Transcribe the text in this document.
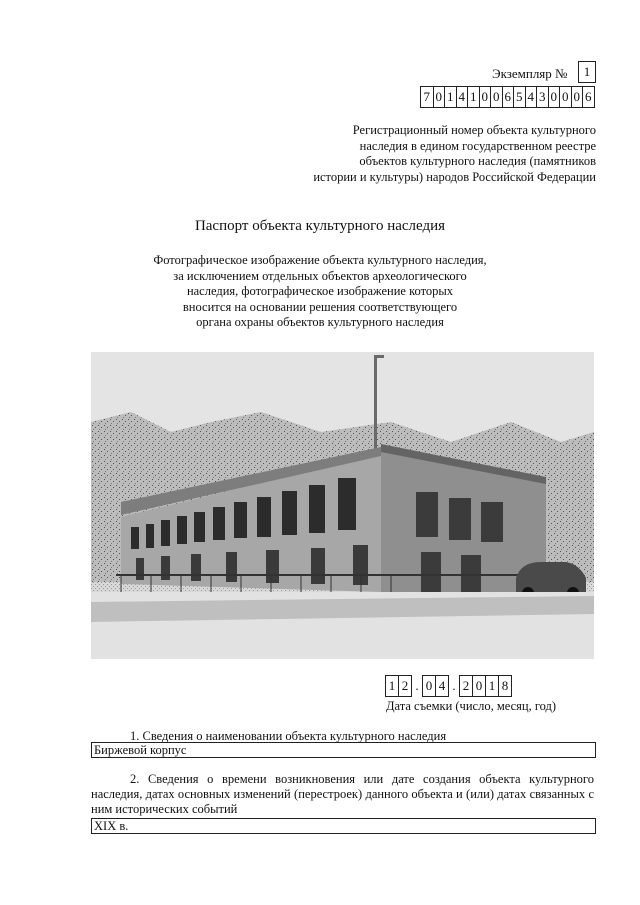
Экземпляр №	1
7 0 1 4 1 0 0 6 5 4 3 0 0 0 6
Регистрационный номер объекта культурного
наследия в едином государственном реестре
объектов культурного наследия (памятников
истории и культуры) народов Российской Федерации
Паспорт объекта культурного наследия
Фотографическое изображение объекта культурного наследия,
за исключением отдельных объектов археологического
наследия, фотографическое изображение которых
вносится на основании решения соответствующего
органа охраны объектов культурного наследия
1 2 . 0 4 . 2 0 1 8
Дата съемки (число, месяц, год)
1. Сведения о наименовании объекта культурного наследия
Биржевой корпус
2. Сведения о времени возникновения или дате создания объекта культурного наследия, датах основных изменений (перестроек) данного объекта и (или) датах связанных с ним исторических событий
XIX в.
